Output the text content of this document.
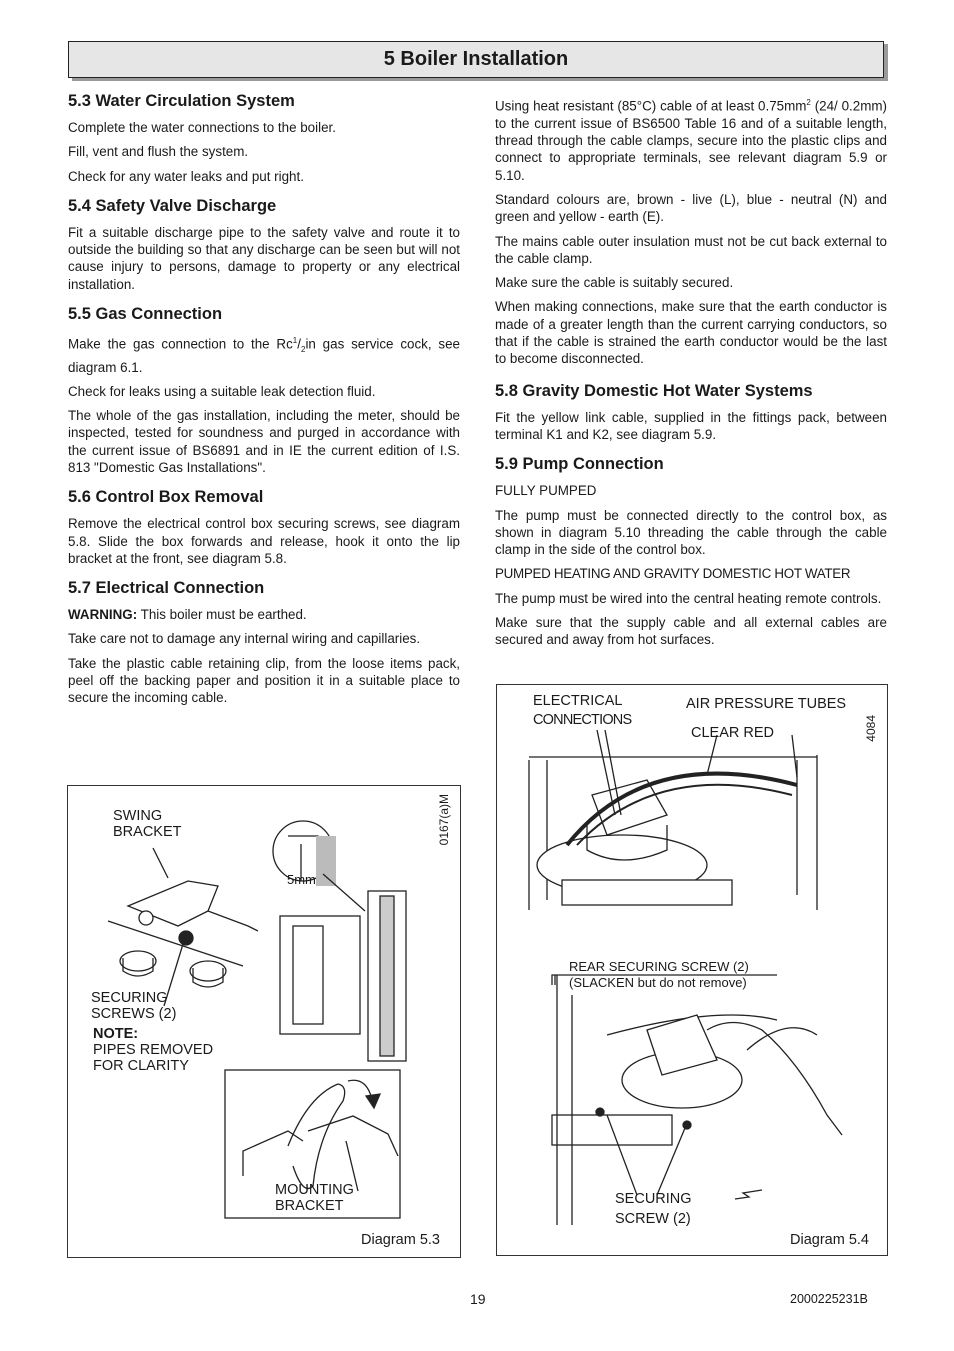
5 Boiler Installation
5.3 Water Circulation System

Complete the water connections to the boiler.

Fill, vent and flush the system.

Check for any water leaks and put right.

5.4 Safety Valve Discharge

Fit a suitable discharge pipe to the safety valve and route it to outside the building so that any discharge can be seen but will not cause injury to persons, damage to property or any electrical installation.

5.5 Gas Connection

Make the gas connection to the $Rc^1/_2in$ gas service cock, see diagram 6.1.

Check for leaks using a suitable leak detection fluid.

The whole of the gas installation, including the meter, should be inspected, tested for soundness and purged in accordance with the current issue of BS6891 and in IE the current edition of I.S. 813 "Domestic Gas Installations".

5.6 Control Box Removal

Remove the electrical control box securing screws, see diagram 5.8. Slide the box forwards and release, hook it onto the lip bracket at the front, see diagram 5.8.

5.7 Electrical Connection

WARNING: This boiler must be earthed.

Take care not to damage any internal wiring and capillaries.

Take the plastic cable retaining clip, from the loose items pack, peel off the backing paper and position it in a suitable place to secure the incoming cable.

Using heat resistant (85°C) cable of at least $0.75mm^2$ (24/ 0.2mm) to the current issue of BS6500 Table 16 and of a suitable length, thread through the cable clamps, secure into the plastic clips and connect to appropriate terminals, see relevant diagram 5.9 or 5.10.

Standard colours are, brown - live (L), blue - neutral (N) and green and yellow - earth (E).

The mains cable outer insulation must not be cut back external to the cable clamp.

Make sure the cable is suitably secured.

When making connections, make sure that the earth conductor is made of a greater length than the current carrying conductors, so that if the cable is strained the earth conductor would be the last to become disconnected.

5.8 Gravity Domestic Hot Water Systems

Fit the yellow link cable, supplied in the fittings pack, between terminal K1 and K2, see diagram 5.9.

5.9 Pump Connection

FULLY PUMPED

The pump must be connected directly to the control box, as shown in diagram 5.10 threading the cable through the cable clamp in the side of the control box.

PUMPED HEATING AND GRAVITY DOMESTIC HOT WATER

The pump must be wired into the central heating remote controls.

Make sure that the supply cable and all external cables are secured and away from hot surfaces.

0167(a)M
SWING
BRACKET
5mm
SECURING
SCREWS (2)
NOTE:
PIPES REMOVED
FOR CLARITY
MOUNTING
BRACKET
Diagram 5.3
ELECTRICAL
CONNECTIONS
AIR PRESSURE TUBES
CLEAR RED	4084
REAR SECURING SCREW (2)
(SLACKEN but do not remove)
SECURING
SCREW (2)
Diagram 5.4
19	2000225231B
